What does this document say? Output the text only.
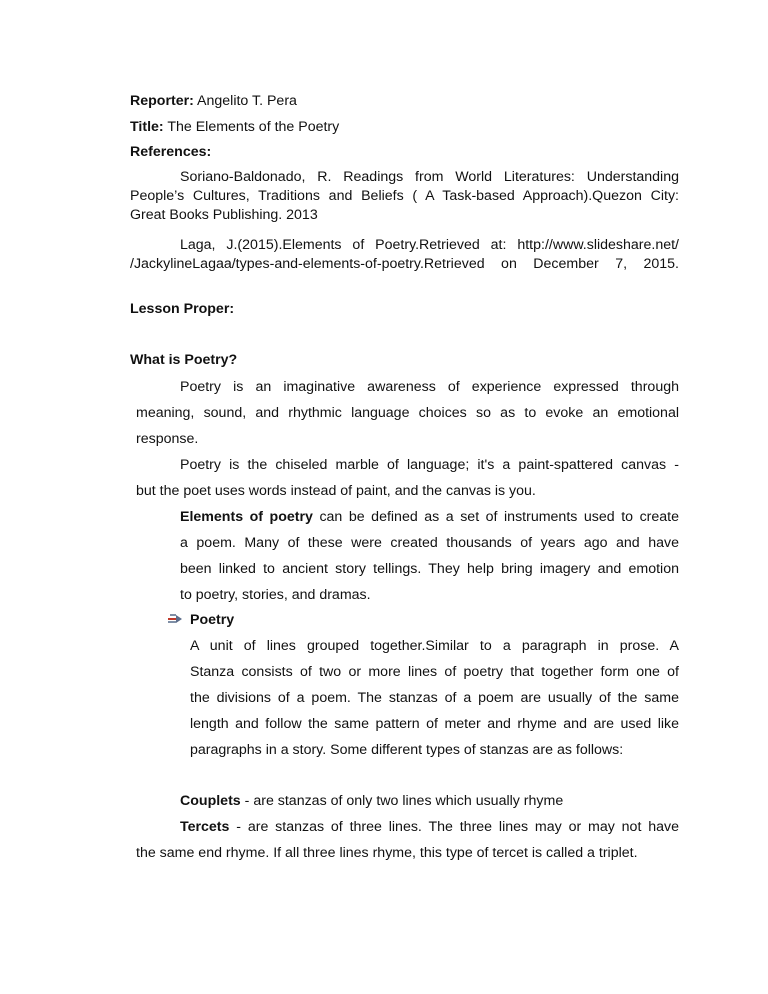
Reporter: Angelito T. Pera
Title: The Elements of the Poetry
References:
Soriano-Baldonado, R. Readings from World Literatures: Understanding
People’s Cultures, Traditions and Beliefs ( A Task-based Approach).Quezon City:
Great Books Publishing. 2013
Laga, J.(2015).Elements of Poetry.Retrieved at: http://www.slideshare.net/
/JackylineLagaa/types-and-elements-of-poetry.Retrieved on December 7, 2015.
Lesson Proper:
What is Poetry?
Poetry is an imaginative awareness of experience expressed through
meaning, sound, and rhythmic language choices so as to evoke an emotional
response.
Poetry is the chiseled marble of language; it's a paint-spattered canvas -
but the poet uses words instead of paint, and the canvas is you.
Elements of poetry can be defined as a set of instruments used to create
a poem. Many of these were created thousands of years ago and have
been linked to ancient story tellings. They help bring imagery and emotion
to poetry, stories, and dramas.
Poetry
A unit of lines grouped together.Similar to a paragraph in prose. A
Stanza consists of two or more lines of poetry that together form one of
the divisions of a poem. The stanzas of a poem are usually of the same
length and follow the same pattern of meter and rhyme and are used like
paragraphs in a story. Some different types of stanzas are as follows:
Couplets - are stanzas of only two lines which usually rhyme
Tercets - are stanzas of three lines. The three lines may or may not have
the same end rhyme. If all three lines rhyme, this type of tercet is called a triplet.
